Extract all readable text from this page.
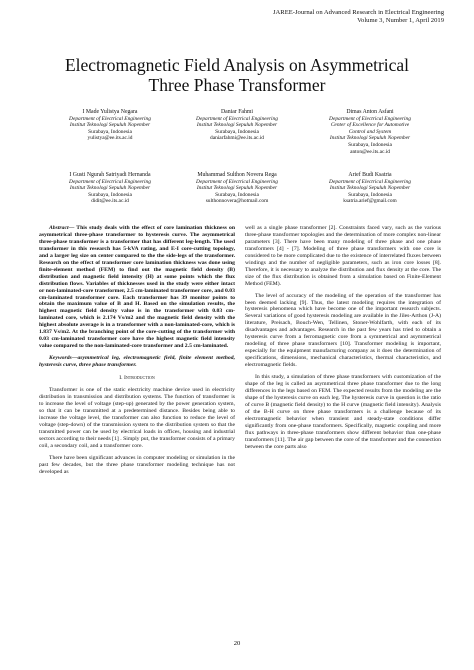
JAREE-Journal on Advanced Research in Electrical Engineering
Volume 3, Number 1, April 2019
Electromagnetic Field Analysis on Asymmetrical
Three Phase Transformer
I Made Yulistya Negara
Department of Electrical Engineering
Institut Teknologi Sepuluh Nopember
Surabaya, Indonesia
yulistya@ee.its.ac.id
Daniar Fahmi
Department of Electrical Engineering
Institut Teknologi Sepuluh Nopember
Surabaya, Indonesia
daniarfahmi@ee.its.ac.id
Dimas Anton Asfani
Department of Electrical Engineering
Center of Excellence for Automotive
Control and System
Institut Teknologi Sepuluh Nopember
Surabaya, Indonesia
anton@ee.its.ac.id
I Gusti Ngurah Satriyadi Hernanda
Department of Electrical Engineering
Institut Teknologi Sepuluh Nopember
Surabaya, Indonesia
didit@ee.its.ac.id
Muhammad Sulthon Novera Rega
Department of Electrical Engineering
Institut Teknologi Sepuluh Nopember
Surabaya, Indonesia
sulthonnovera@hotmail.com
Arief Budi Ksatria
Department of Electrical Engineering
Institut Teknologi Sepuluh Nopember
Surabaya, Indonesia
ksatria.arief@gmail.com

Abstract— This study deals with the effect of core lamination thickness on asymmetrical three-phase transformer to hysteresis curve. The asymmetrical three-phase transformer is a transformer that has different leg-length. The used transformer in this research has 5-kVA rating, and E-I core-cutting topology, and a larger leg size on center compared to the the side-legs of the transformer. Research on the effect of transformer core lamination thickness was done using finite-element method (FEM) to find out the magnetic field density (B) distribution and magnetic field intensity (H) at some points which the flux distribution flows. Variables of thicknesses used in the study were either intact or non-laminated-core transformer, 2.5 cm-laminated transformer core, and 0.03 cm-laminated transformer core. Each transformer has 39 monitor points to obtain the maximum value of B and H. Based on the simulation results, the highest magnetic field density value is in the transformer with 0.03 cm-laminated core, which is 2.174 Vs/m2 and the magnetic field density with the highest absolute average is in a transformer with a non-laminated-core, which is 1.837 Vs/m2. At the branching point of the core-cutting of the transformer with 0.03 cm-laminated transformer core have the highest magnetic field intensity value compared to the non-laminated-core transformer and 2.5 cm-laminated.

Keywords—asymmetrical leg, electromagnetic field, finite element method, hysteresis curve, three phase transformer.

I. Introduction

Transformer is one of the static electricity machine device used in electricity distribution in transmission and distribution systems. The function of transformer is to increase the level of voltage (step-up) generated by the power generation system, so that it can be transmitted at a predetermined distance. Besides being able to increase the voltage level, the transformer can also function to reduce the level of voltage (step-down) of the transmission system to the distribution system so that the transmitted power can be used by electrical loads in offices, housing and industrial sectors according to their needs [1] . Simply put, the transformer consists of a primary coil, a secondary coil, and a transformer core.

There have been significant advances in computer modeling or simulation in the past few decades, but the three phase transformer modeling technique has not developed as

well as a single phase transformer [2]. Constraints faced vary, such as the various three-phase transformer topologies and the determination of more complex non-linear parameters [3]. There have been many modeling of three phase and one phase transformers [4] - [7]. Modeling of three phase transformers with one core is considered to be more complicated due to the existence of interrelated fluxes between windings and the number of negligible parameters, such as iron core losses [8]. Therefore, it is necessary to analyze the distribution and flux density at the core. The size of the flux distribution is obtained from a simulation based on Finite-Element Method (FEM).

The level of accuracy of the modeling of the operation of the transformer has been deemed lacking [9]. Thus, the latest modeling requires the integration of hysteresis phenomena which have become one of the important research subjects. Several variations of good hysteresis modeling are available in the Jiles-Arthon (J-A) literature, Preisach, Bouch-Wen, Tellinen, Stoner-Wohlfarth, with each of its disadvantages and advantages. Research in the past few years has tried to obtain a hysteresis curve from a ferromagnetic core from a symmetrical and asymmetrical modeling of three phase transformers [10]. Transformer modeling is important, especially for the equipment manufacturing company as it does the determination of specifications, dimensions, mechanical characteristics, thermal characteristics, and electromagnetic fields.

In this study, a simulation of three phase transformers with customization of the shape of the leg is called an asymmetrical three phase transformer due to the long differences in the legs based on FEM. The expected results from the modeling are the shape of the hysteresis curve on each leg. The hysteresis curve in question is the ratio of curve B (magnetic field density) to the H curve (magnetic field intensity). Analysis of the B-H curve on three phase transformers is a challenge because of its electromagnetic behavior when transient and steady-state conditions differ significantly from one-phase transformers. Specifically, magnetic coupling and more flux pathways in three-phase transformers show different behavior than one-phase transformers [11]. The air gap between the core of the transformer and the connection between the core parts also

20
